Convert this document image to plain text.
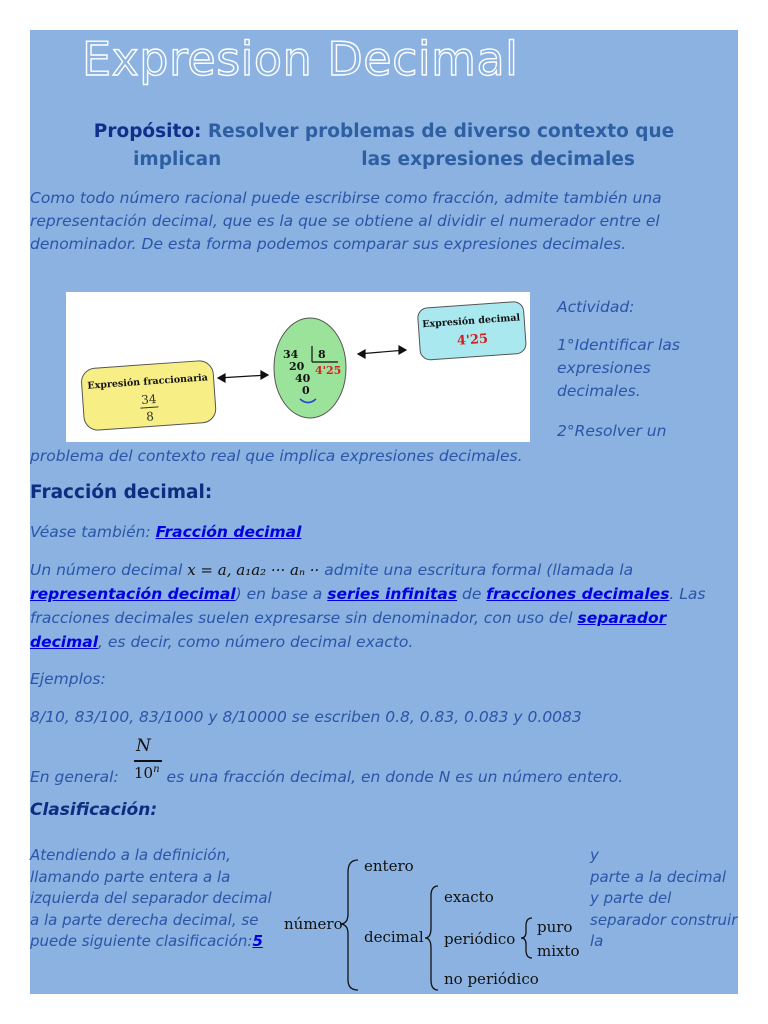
Expresion Decimal
Propósito: Resolver problemas de diverso contexto que
implican	las expresiones decimales

Como todo número racional puede escribirse como fracción, admite también una representación decimal, que es la que se obtiene al dividir el numerador entre el denominador. De esta forma podemos comparar sus expresiones decimales.

Expresión fraccionaria
34
8
Expresión decimal
4'25
34 8
4'25
20
40
0
Actividad:
1°Identificar las expresiones decimales.
2°Resolver un

problema del contexto real que implica expresiones decimales.

Fracción decimal:

Véase también: Fracción decimal

Un número decimal x = a, a₁a₂ ··· aₙ ·· admite una escritura formal (llamada la representación decimal) en base a series infinitas de fracciones decimales. Las fracciones decimales suelen expresarse sin denominador, con uso del separador decimal, es decir, como número decimal exacto.

Ejemplos:

8/10, 83/100, 83/1000 y 8/10000 se escriben 0.8, 0.83, 0.083 y 0.0083

N
10$^n$

En general:  es una fracción decimal, en donde N es un número entero.

Clasificación:

Atendiendo a la definición, llamando parte entera a la izquierda del separador decimal a la parte derecha decimal, se puede siguiente clasificación:5

y
parte a la decimal y parte del separador construir la

número
entero
decimal
exacto
periódico
no periódico
puro
mixto
